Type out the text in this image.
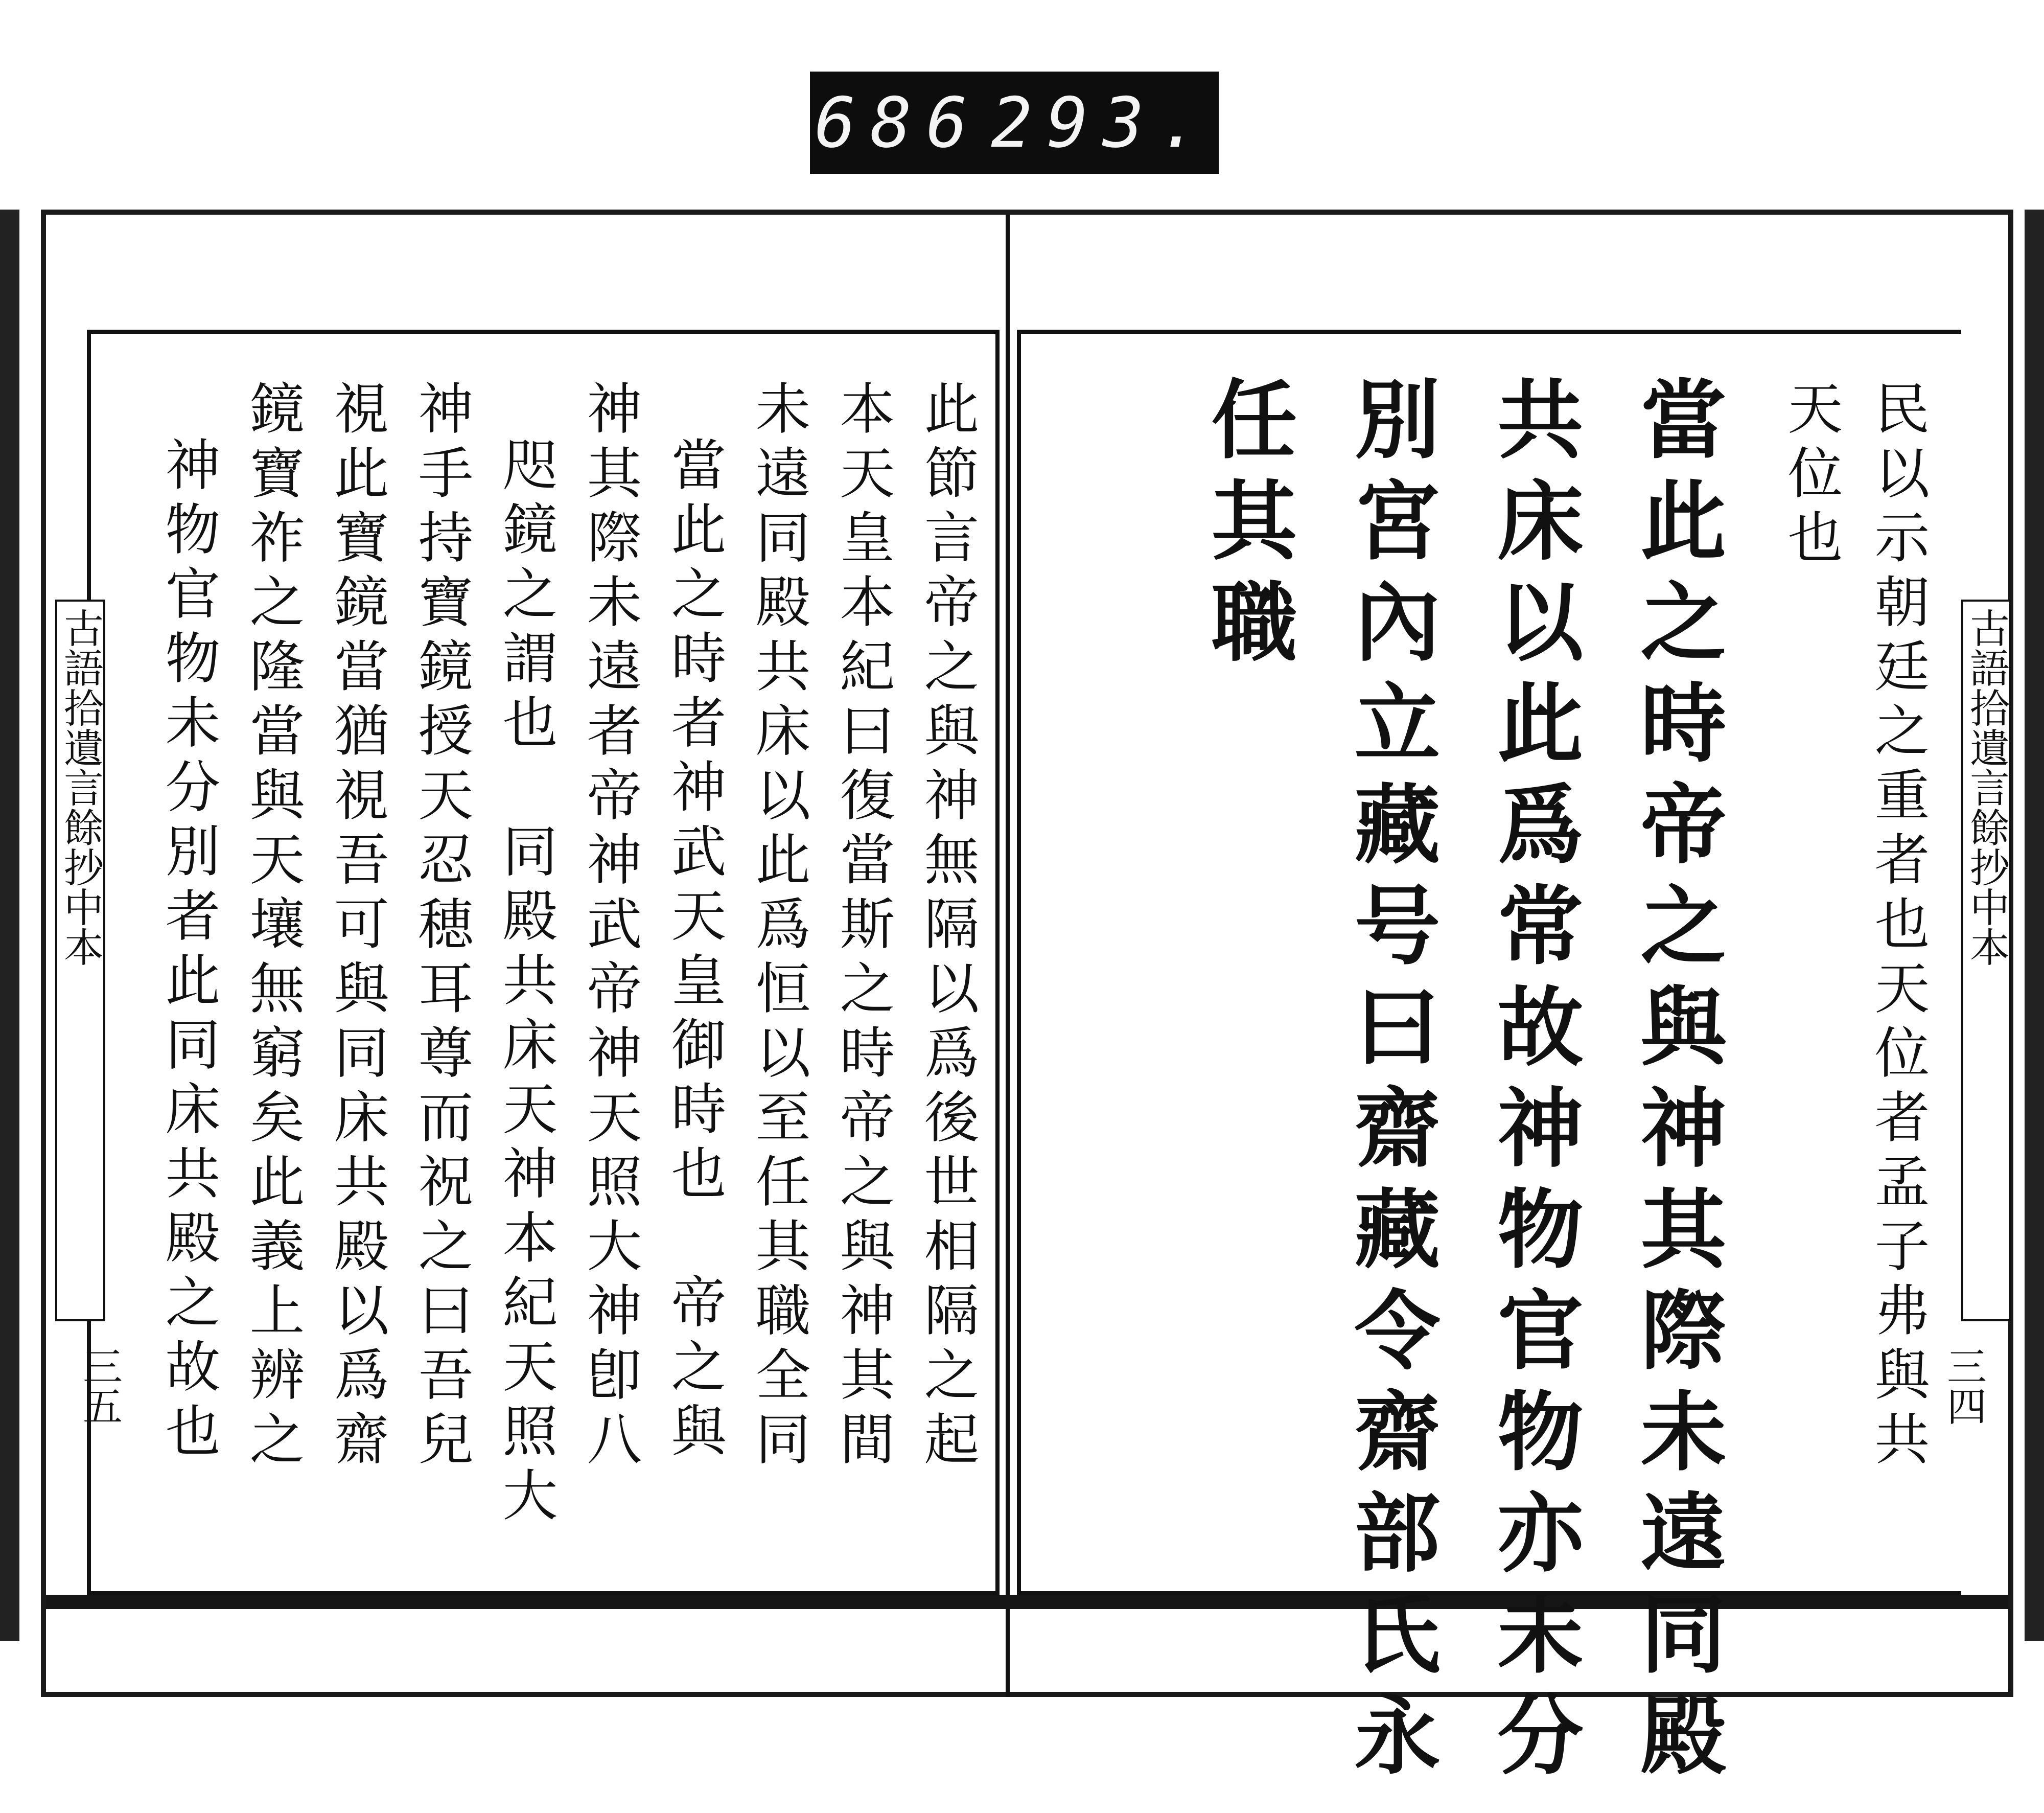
686 293.
古語拾遺言餘抄中本
三五	此節言帝之與神無隔以爲後世相隔之起
本天皇本紀曰復當斯之時帝之與神其間
未遠同殿共床以此爲恒以至任其職全同
當此之時者神武天皇御時也　帝之與
神其際未遠者帝神武帝神天照大神卽八
咫鏡之謂也　同殿共床天神本紀天照大
神手持寶鏡授天忍穂耳尊而祝之曰吾兒
視此寶鏡當猶視吾可與同床共殿以爲齋
鏡寶祚之隆當與天壤無窮矣此義上辨之
神物官物未分別者此同床共殿之故也	古語拾遺言餘抄中本
三四
民以示朝廷之重者也天位者孟子弗與共
天位也
當此之時帝之與神其際未遠同殿
共床以此爲常故神物官物亦未分
別宮內立藏号曰齋藏令齋部氏永
任其職
